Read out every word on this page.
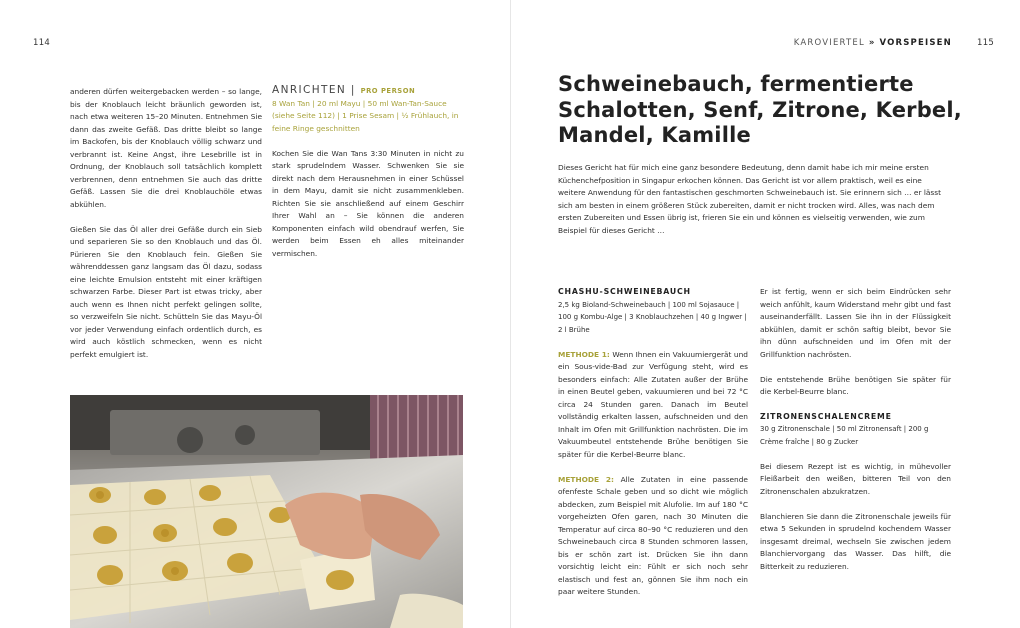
114

anderen dürfen weitergebacken werden – so lange, bis der Knoblauch leicht bräunlich geworden ist, nach etwa weiteren 15–20 Minuten. Entnehmen Sie dann das zweite Gefäß. Das dritte bleibt so lange im Backofen, bis der Knoblauch völlig schwarz und verbrannt ist. Keine Angst, ihre Lesebrille ist in Ordnung, der Knoblauch soll tatsächlich komplett verbrennen, denn entnehmen Sie auch das dritte Gefäß. Lassen Sie die drei Knoblauchöle etwas abkühlen.

Gießen Sie das Öl aller drei Gefäße durch ein Sieb und separieren Sie so den Knoblauch und das Öl. Pürieren Sie den Knoblauch fein. Gießen Sie währenddessen ganz langsam das Öl dazu, sodass eine leichte Emulsion entsteht mit einer kräftigen schwarzen Farbe. Dieser Part ist etwas tricky, aber auch wenn es Ihnen nicht perfekt gelingen sollte, so verzweifeln Sie nicht. Schütteln Sie das Mayu-Öl vor jeder Verwendung einfach ordentlich durch, es wird auch köstlich schmecken, wenn es nicht perfekt emulgiert ist.

ANRICHTEN | PRO PERSON

8 Wan Tan | 20 ml Mayu | 50 ml Wan-Tan-Sauce (siehe Seite 112) | 1 Prise Sesam | ½ Frühlauch, in feine Ringe geschnitten

Kochen Sie die Wan Tans 3:30 Minuten in nicht zu stark sprudelndem Wasser. Schwenken Sie sie direkt nach dem Herausnehmen in einer Schüssel in dem Mayu, damit sie nicht zusammenkleben. Richten Sie sie anschließend auf einem Geschirr Ihrer Wahl an – Sie können die anderen Komponenten einfach wild obendrauf werfen, Sie werden beim Essen eh alles miteinander vermischen.

KAROVIERTEL » VORSPEISEN	115
Schweinebauch, fermentierte Schalotten, Senf, Zitrone, Kerbel, Mandel, Kamille
Dieses Gericht hat für mich eine ganz besondere Bedeutung, denn damit habe ich mir meine ersten Küchenchefposition in Singapur erkochen können. Das Gericht ist vor allem praktisch, weil es eine weitere Anwendung für den fantastischen geschmorten Schweinebauch ist. Sie erinnern sich … er lässt sich am besten in einem größeren Stück zubereiten, damit er nicht trocken wird. Alles, was nach dem ersten Zubereiten und Essen übrig ist, frieren Sie ein und können es vielseitig verwenden, wie zum Beispiel für dieses Gericht …

CHASHU-SCHWEINEBAUCH

2,5 kg Bioland-Schweinebauch | 100 ml Sojasauce | 100 g Kombu-Alge | 3 Knoblauchzehen | 40 g Ingwer | 2 l Brühe

METHODE 1: Wenn Ihnen ein Vakuumiergerät und ein Sous-vide-Bad zur Verfügung steht, wird es besonders einfach: Alle Zutaten außer der Brühe in einen Beutel geben, vakuumieren und bei 72 °C circa 24 Stunden garen. Danach im Beutel vollständig erkalten lassen, aufschneiden und den Inhalt im Ofen mit Grillfunktion nachrösten. Die im Vakuumbeutel entstehende Brühe benötigen Sie später für die Kerbel-Beurre blanc.

METHODE 2: Alle Zutaten in eine passende ofenfeste Schale geben und so dicht wie möglich abdecken, zum Beispiel mit Alufolie. Im auf 180 °C vorgeheizten Ofen garen, nach 30 Minuten die Temperatur auf circa 80–90 °C reduzieren und den Schweinebauch circa 8 Stunden schmoren lassen, bis er schön zart ist. Drücken Sie ihn dann vorsichtig leicht ein: Fühlt er sich noch sehr elastisch und fest an, gönnen Sie ihm noch ein paar weitere Stunden.

Er ist fertig, wenn er sich beim Eindrücken sehr weich anfühlt, kaum Widerstand mehr gibt und fast auseinanderfällt. Lassen Sie ihn in der Flüssigkeit abkühlen, damit er schön saftig bleibt, bevor Sie ihn dünn aufschneiden und im Ofen mit der Grillfunktion nachrösten.

Die entstehende Brühe benötigen Sie später für die Kerbel-Beurre blanc.

ZITRONENSCHALENCREME

30 g Zitronenschale | 50 ml Zitronensaft | 200 g Crème fraîche | 80 g Zucker

Bei diesem Rezept ist es wichtig, in mühevoller Fleißarbeit den weißen, bitteren Teil von den Zitronenschalen abzukratzen.

Blanchieren Sie dann die Zitronenschale jeweils für etwa 5 Sekunden in sprudelnd kochendem Wasser insgesamt dreimal, wechseln Sie zwischen jedem Blanchiervorgang das Wasser. Das hilft, die Bitterkeit zu reduzieren.
